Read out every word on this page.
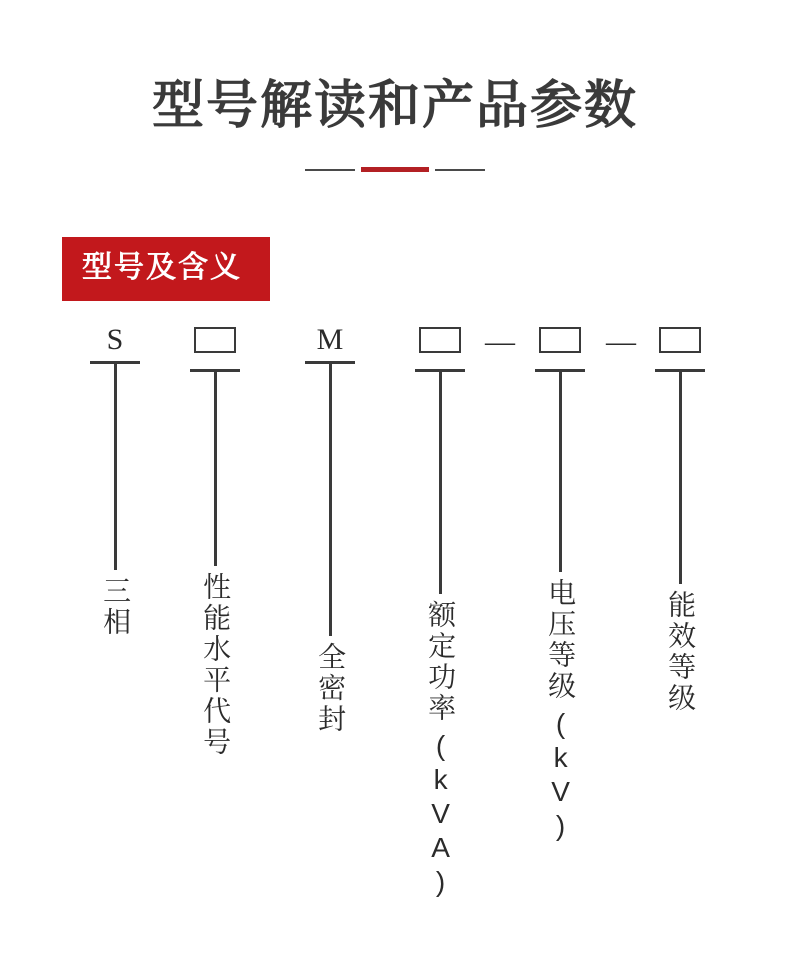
型号解读和产品参数
型号及含义
S
三相 性能水平代号
M
全密封	额定功率
(kVA)
电压等级
(kV)
能效等级
—	—
